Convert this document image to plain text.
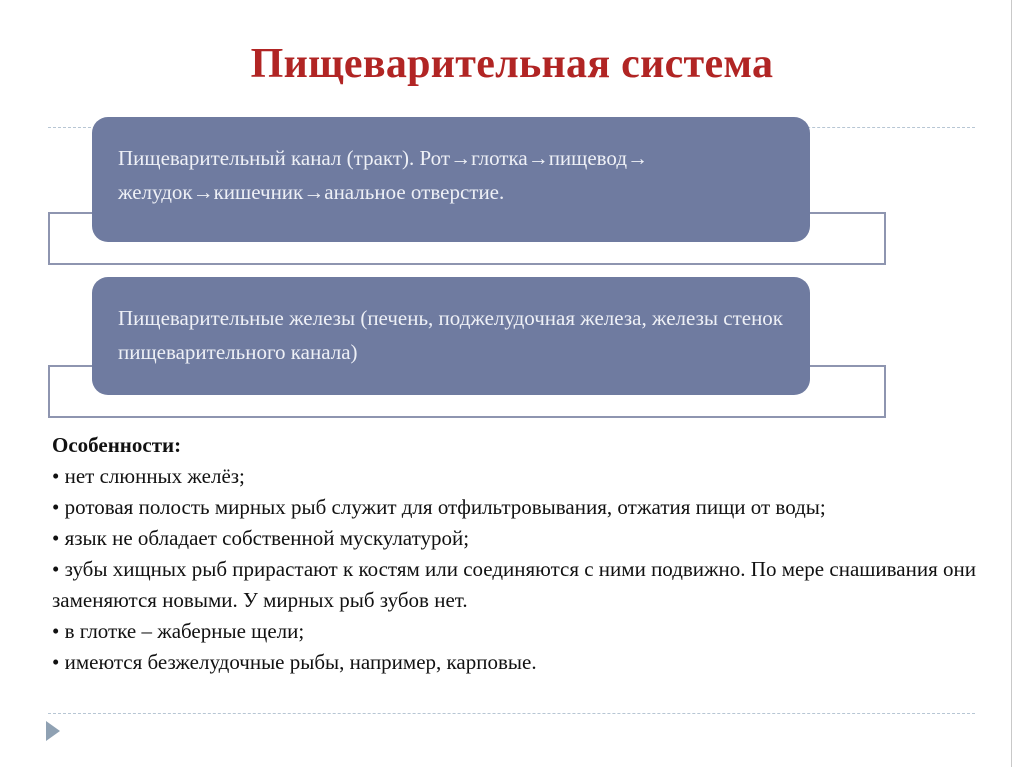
Пищеварительная система
Пищеварительный канал (тракт). Рот→глотка→пищевод→ желудок→кишечник→анальное отверстие.
Пищеварительные железы (печень, поджелудочная железа, железы стенок пищеварительного канала)
Особенности:
• нет слюнных желёз;
• ротовая полость мирных рыб служит для отфильтровывания, отжатия пищи от воды;
• язык не обладает собственной мускулатурой;
• зубы хищных рыб прирастают к костям или соединяются с ними подвижно. По мере снашивания они заменяются новыми. У мирных рыб зубов нет.
• в глотке – жаберные щели;
• имеются безжелудочные рыбы, например, карповые.
